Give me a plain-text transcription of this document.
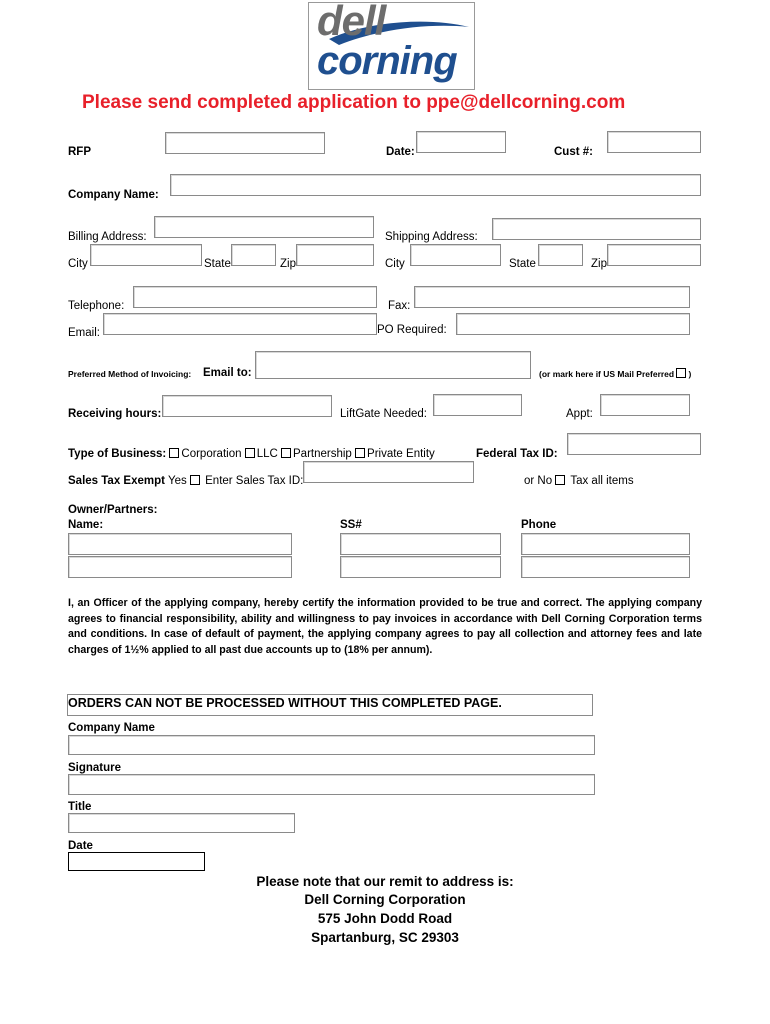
dell
corning
Please send completed application to ppe@dellcorning.com
RFP	Date:	Cust #:
Company Name:
Billing Address:	Shipping Address:
City	State	Zip	City	State	Zip
Telephone:	Fax:
Email:	PO Required:
Preferred Method of Invoicing: Email to:	(or mark here if US Mail Preferred )
Receiving hours:	LiftGate Needed:	Appt:
Type of Business: Corporation LLC Partnership Private Entity	Federal Tax ID:
Sales Tax Exempt Yes Enter Sales Tax ID:	or No Tax all items
Owner/Partners:
Name:	SS#	Phone
I, an Officer of the applying company, hereby certify the information provided to be true and correct. The applying company agrees to financial responsibility, ability and willingness to pay invoices in accordance with Dell Corning Corporation terms and conditions. In case of default of payment, the applying company agrees to pay all collection and attorney fees and late charges of 1½% applied to all past due accounts up to (18% per annum).
ORDERS CAN NOT BE PROCESSED WITHOUT THIS COMPLETED PAGE.
Company Name
Signature
Title
Date
Please note that our remit to address is:
Dell Corning Corporation
575 John Dodd Road
Spartanburg, SC 29303
